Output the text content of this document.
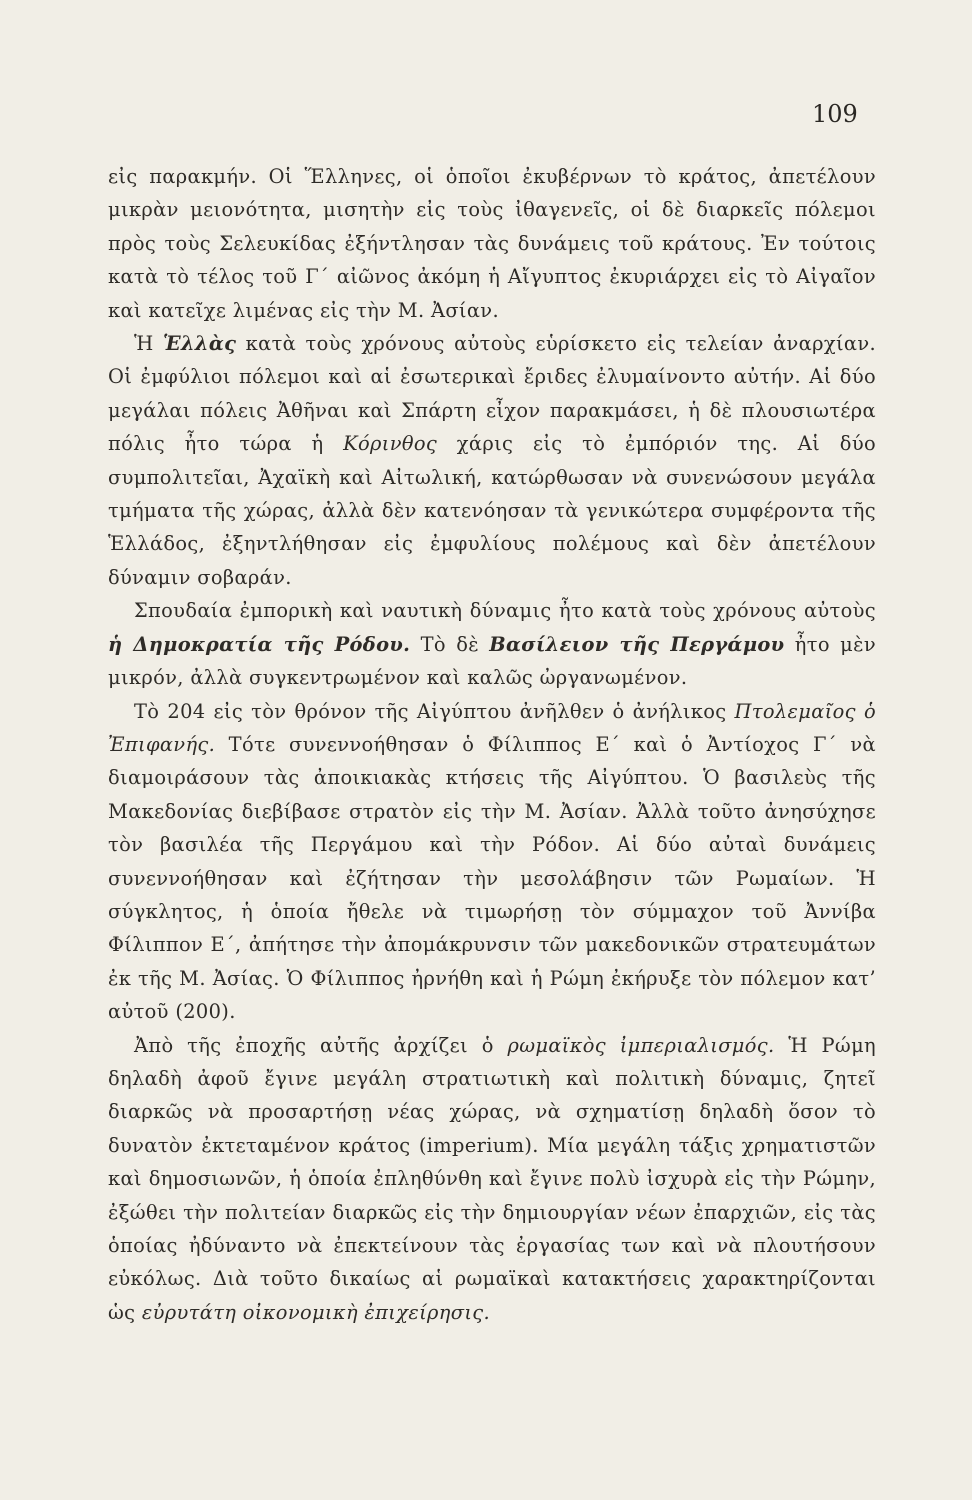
109

εἰς παρακμήν. Οἱ Ἕλληνες, οἱ ὁποῖοι ἐκυβέρνων τὸ κράτος, ἀπετέλουν μικρὰν μειονότητα, μισητὴν εἰς τοὺς ἰθαγενεῖς, οἱ δὲ διαρκεῖς πόλεμοι πρὸς τοὺς Σελευκίδας ἐξήντλησαν τὰς δυνάμεις τοῦ κράτους. Ἐν τούτοις κατὰ τὸ τέλος τοῦ Γ΄ αἰῶνος ἀκόμη ἡ Αἴγυπτος ἐκυριάρχει εἰς τὸ Αἰγαῖον καὶ κατεῖχε λιμένας εἰς τὴν Μ. Ἀσίαν.

Ἡ Ἑλλὰς κατὰ τοὺς χρόνους αὐτοὺς εὑρίσκετο εἰς τελείαν ἀναρχίαν. Οἱ ἐμφύλιοι πόλεμοι καὶ αἱ ἐσωτερικαὶ ἔριδες ἐλυμαίνοντο αὐτήν. Αἱ δύο μεγάλαι πόλεις Ἀθῆναι καὶ Σπάρτη εἶχον παρακμάσει, ἡ δὲ πλουσιωτέρα πόλις ἦτο τώρα ἡ Κόρινθος χάρις εἰς τὸ ἐμπόριόν της. Αἱ δύο συμπολιτεῖαι, Ἀχαϊκὴ καὶ Αἰτωλική, κατώρθωσαν νὰ συνενώσουν μεγάλα τμήματα τῆς χώρας, ἀλλὰ δὲν κατενόησαν τὰ γενικώτερα συμφέροντα τῆς Ἑλλάδος, ἐξηντλήθησαν εἰς ἐμφυλίους πολέμους καὶ δὲν ἀπετέλουν δύναμιν σοβαράν.

Σπουδαία ἐμπορικὴ καὶ ναυτικὴ δύναμις ἦτο κατὰ τοὺς χρόνους αὐτοὺς ἡ Δημοκρατία τῆς Ρόδου. Τὸ δὲ Βασίλειον τῆς Περγάμου ἦτο μὲν μικρόν, ἀλλὰ συγκεντρωμένον καὶ καλῶς ὠργανωμένον.

Τὸ 204 εἰς τὸν θρόνον τῆς Αἰγύπτου ἀνῆλθεν ὁ ἀνήλικος Πτολεμαῖος ὁ Ἐπιφανής. Τότε συνεννοήθησαν ὁ Φίλιππος Ε΄ καὶ ὁ Ἀντίοχος Γ΄ νὰ διαμοιράσουν τὰς ἀποικιακὰς κτήσεις τῆς Αἰγύπτου. Ὁ βασιλεὺς τῆς Μακεδονίας διεβίβασε στρατὸν εἰς τὴν Μ. Ἀσίαν. Ἀλλὰ τοῦτο ἀνησύχησε τὸν βασιλέα τῆς Περγάμου καὶ τὴν Ρόδον. Αἱ δύο αὐταὶ δυνάμεις συνεννοήθησαν καὶ ἐζήτησαν τὴν μεσολάβησιν τῶν Ρωμαίων. Ἡ σύγκλητος, ἡ ὁποία ἤθελε νὰ τιμωρήσῃ τὸν σύμμαχον τοῦ Ἀννίβα Φίλιππον Ε΄, ἀπήτησε τὴν ἀπομάκρυνσιν τῶν μακεδονικῶν στρατευμάτων ἐκ τῆς Μ. Ἀσίας. Ὁ Φίλιππος ἠρνήθη καὶ ἡ Ρώμη ἐκήρυξε τὸν πόλεμον κατ’ αὐτοῦ (200).

Ἀπὸ τῆς ἐποχῆς αὐτῆς ἀρχίζει ὁ ρωμαϊκὸς ἰμπεριαλισμός. Ἡ Ρώμη δηλαδὴ ἀφοῦ ἔγινε μεγάλη στρατιωτικὴ καὶ πολιτικὴ δύναμις, ζητεῖ διαρκῶς νὰ προσαρτήσῃ νέας χώρας, νὰ σχηματίσῃ δηλαδὴ ὅσον τὸ δυνατὸν ἐκτεταμένον κράτος (imperium). Μία μεγάλη τάξις χρηματιστῶν καὶ δημοσιωνῶν, ἡ ὁποία ἐπληθύνθη καὶ ἔγινε πολὺ ἰσχυρὰ εἰς τὴν Ρώμην, ἐξώθει τὴν πολιτείαν διαρκῶς εἰς τὴν δημιουργίαν νέων ἐπαρχιῶν, εἰς τὰς ὁποίας ἠδύναντο νὰ ἐπεκτείνουν τὰς ἐργασίας των καὶ νὰ πλουτήσουν εὐκόλως. Διὰ τοῦτο δικαίως αἱ ρωμαϊκαὶ κατακτήσεις χαρακτηρίζονται ὡς εὐρυτάτη οἰκονομικὴ ἐπιχείρησις.
